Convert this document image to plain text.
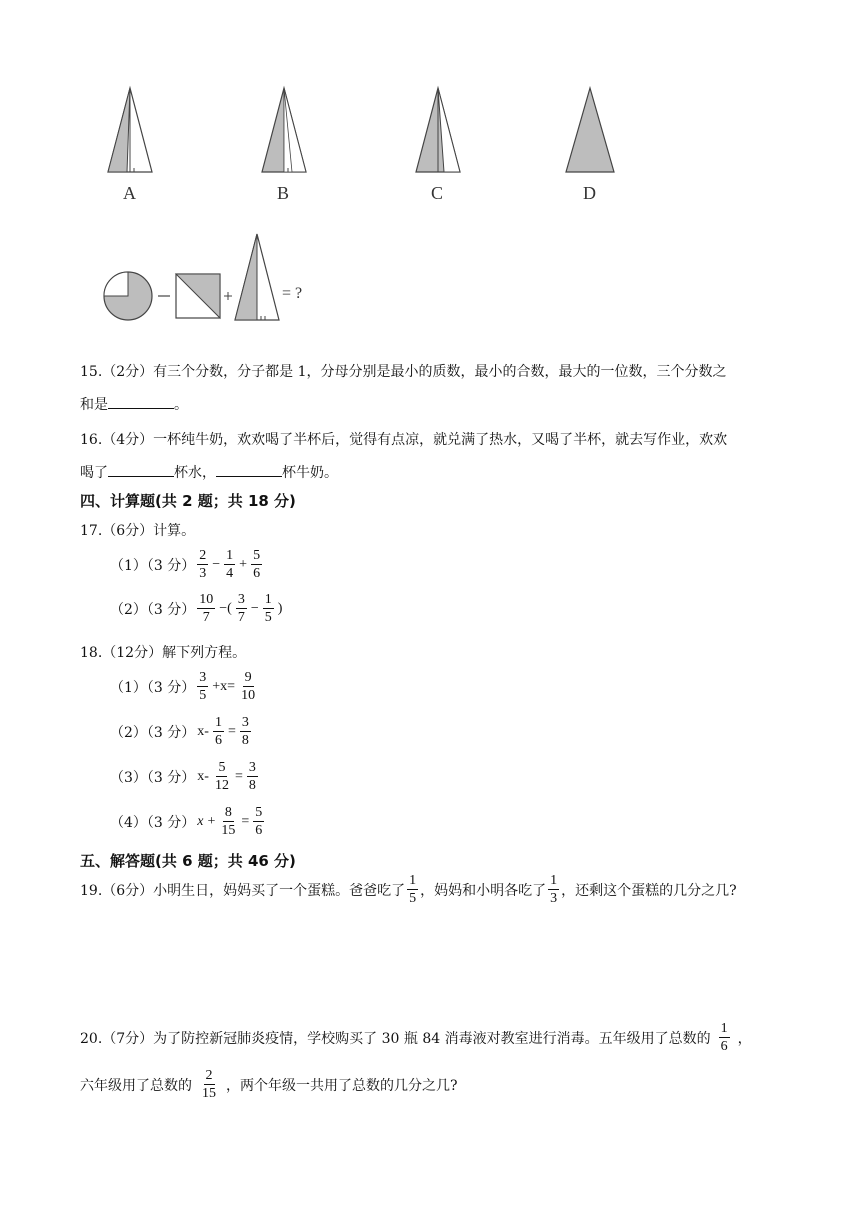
A	B	C	D
= ?
15.（2分）有三个分数，分子都是 1，分母分别是最小的质数，最小的合数，最大的一位数，三个分数之
和是	。
16.（4分）一杯纯牛奶，欢欢喝了半杯后，觉得有点凉，就兑满了热水，又喝了半杯，就去写作业，欢欢
喝了	杯水，	杯牛奶。
四、计算题(共 2 题；共 18 分)
17.（6分）计算。
（1）（3 分） $\frac{2}{3} - \frac{1}{4} + \frac{5}{6}$
（2）（3 分） $\frac{10}{7}$ −( $\frac{3}{7} - \frac{1}{5}$ )
18.（12分）解下列方程。
（1）（3 分） $\frac{3}{5} +x= \frac{9}{10}$
（2）（3 分） $x- \frac{1}{6} = \frac{3}{8}$
（3）（3 分） $x- \frac{5}{12} = \frac{3}{8}$
（4）（3 分） $x + \frac{8}{15} = \frac{5}{6}$
五、解答题(共 6 题；共 46 分)
19.（6分） 小明生日，妈妈买了一个蛋糕。爸爸吃了 $\frac{1}{5}$ ，妈妈和小明各吃了 $\frac{1}{3}$ ，还剩这个蛋糕的几分之几?
20.（7分） 为了防控新冠肺炎疫情，学校购买了 30 瓶 84 消毒液对教室进行消毒。五年级用了总数的 $\frac{1}{6}$ ，
六年级用了总数的 $\frac{2}{15}$ ，两个年级一共用了总数的几分之几?
